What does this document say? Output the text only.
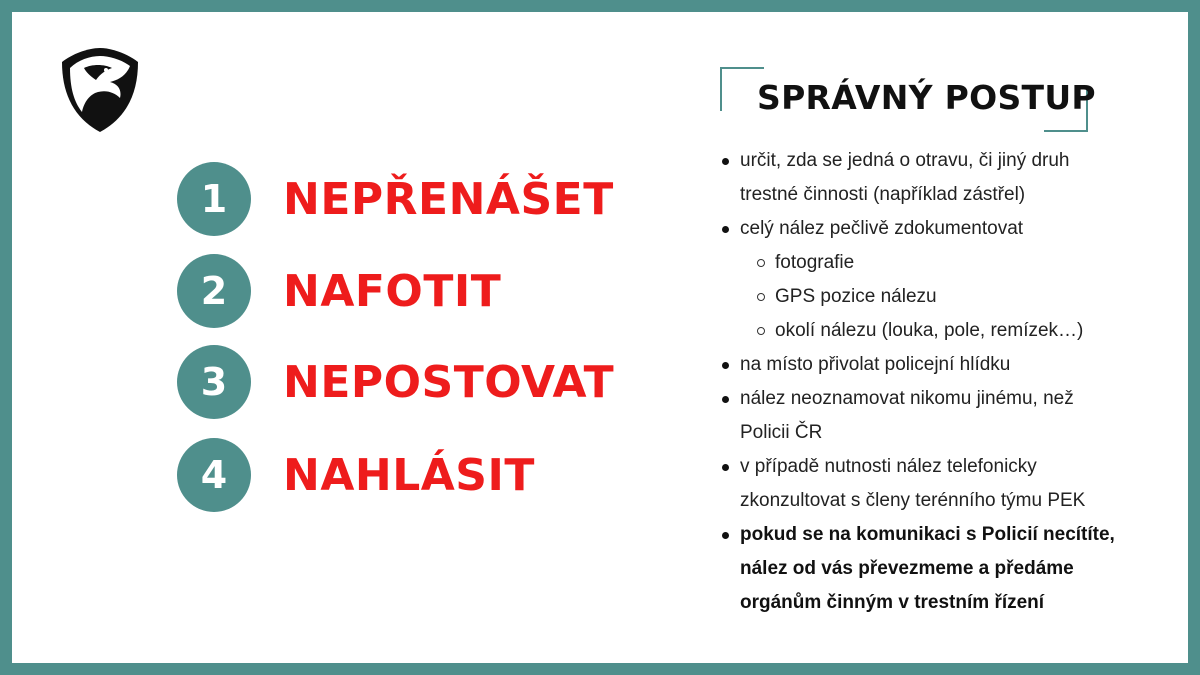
1	NEPŘENÁŠET
2	NAFOTIT
3	NEPOSTOVAT
4	NAHLÁSIT
SPRÁVNÝ POSTUP
určit, zda se jedná o otravu, či jiný druh
trestné činnosti (například zástřel)
celý nález pečlivě zdokumentovat
fotografie
GPS pozice nálezu
okolí nálezu (louka, pole, remízek…)
na místo přivolat policejní hlídku
nález neoznamovat nikomu jinému, než
Policii ČR
v případě nutnosti nález telefonicky
zkonzultovat s členy terénního týmu PEK
pokud se na komunikaci s Policií necítíte,
nález od vás převezmeme a předáme
orgánům činným v trestním řízení
